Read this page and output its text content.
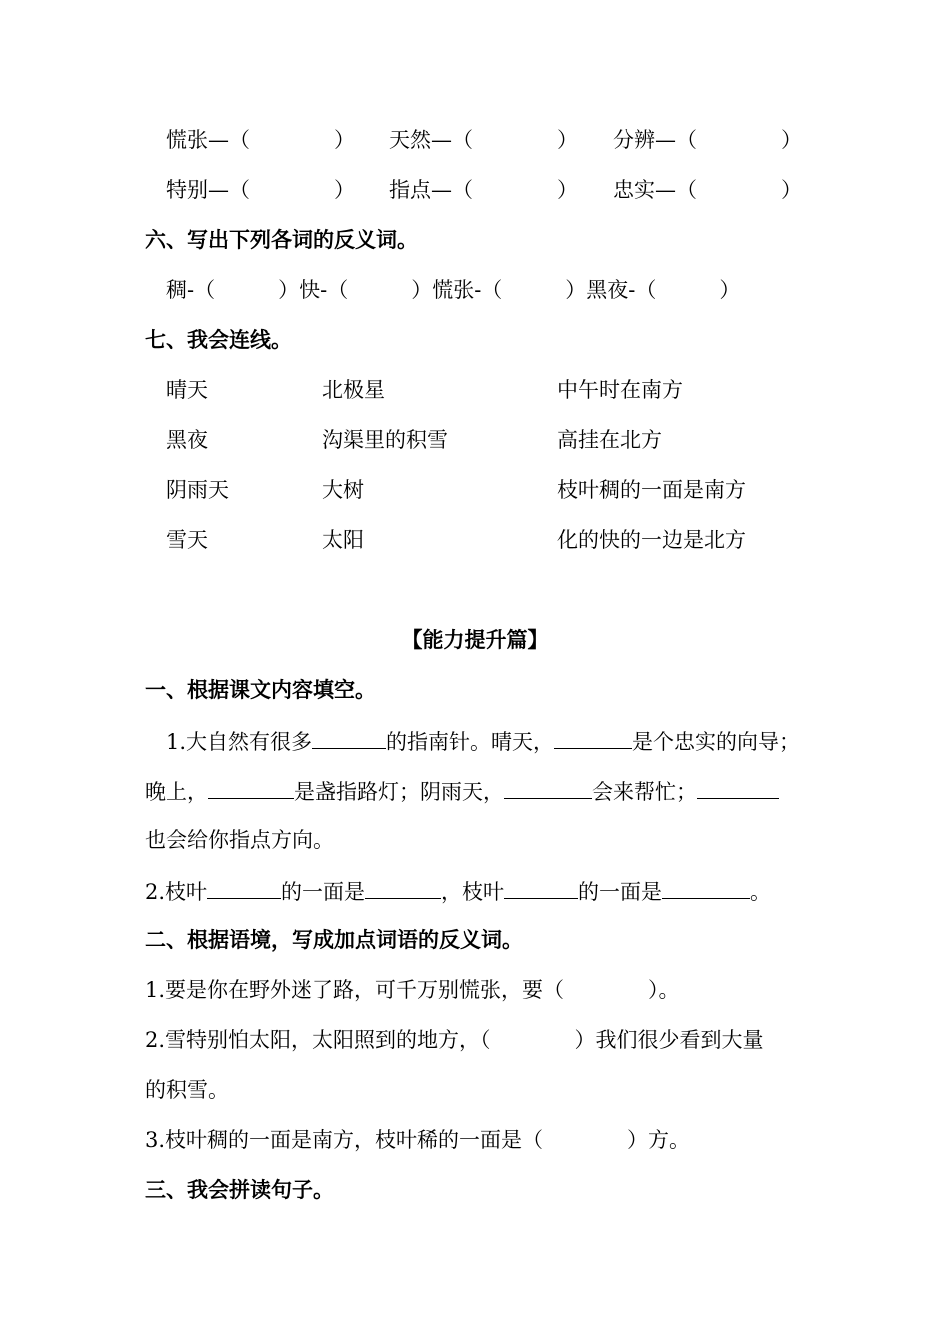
慌张—（　　　　） 天然—（　　　　） 分辨—（　　　　）
特别—（　　　　） 指点—（　　　　） 忠实—（　　　　）
六、写出下列各词的反义词。
稠-（　　　）快-（　　　）慌张-（　　　）黑夜-（　　　）
七、我会连线。
晴天	北极星	中午时在南方
黑夜	沟渠里的积雪	高挂在北方
阴雨天	大树	枝叶稠的一面是南方
雪天	太阳	化的快的一边是北方
【能力提升篇】
一、根据课文内容填空。
1.大自然有很多	的指南针。晴天，	是个忠实的向导；
晚上，	是盏指路灯；阴雨天，	会来帮忙；
也会给你指点方向。
2.枝叶	的一面是	，枝叶	的一面是	。
二、根据语境，写成加点词语的反义词。
1.要是你在野外迷了路，可千万别慌张，要（　　　　）。
2.雪特别怕太阳，太阳照到的地方，（　　　　）我们很少看到大量
的积雪。
3.枝叶稠的一面是南方，枝叶稀的一面是（　　　　）方。
三、我会拼读句子。
